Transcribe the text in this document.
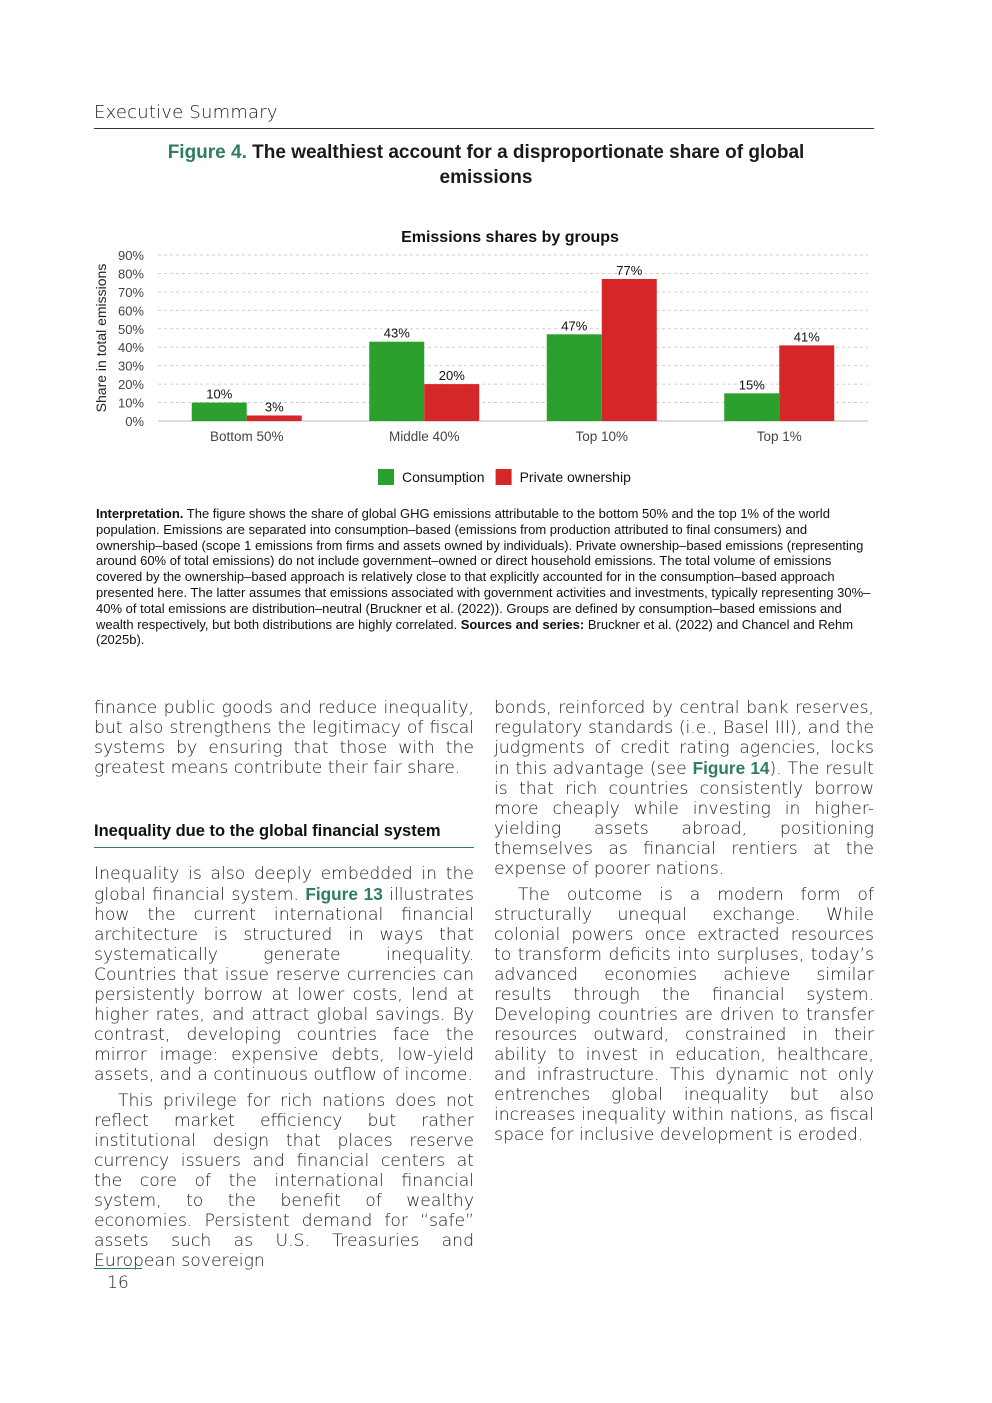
Executive Summary
Figure 4. The wealthiest account for a disproportionate share of global emissions
Emissions shares by groups
0%
10%
20%
30%
40%
50%
60%
70%
80%
90%
Share in total emissions	10%
3%
Bottom 50%
43%
20%
Middle 40%
47%
77%
Top 10%
15%
41%
Top 1%
Consumption	Private ownership
Interpretation. The figure shows the share of global GHG emissions attributable to the bottom 50% and the top 1% of the world population. Emissions are separated into consumption–based (emissions from production attributed to final consumers) and ownership–based (scope 1 emissions from firms and assets owned by individuals). Private ownership–based emissions (representing around 60% of total emissions) do not include government–owned or direct household emissions. The total volume of emissions covered by the ownership–based approach is relatively close to that explicitly accounted for in the consumption–based approach presented here. The latter assumes that emissions associated with government activities and investments, typically representing 30%–40% of total emissions are distribution–neutral (Bruckner et al. (2022)). Groups are defined by consumption–based emissions and wealth respectively, but both distributions are highly correlated. Sources and series: Bruckner et al. (2022) and Chancel and Rehm (2025b).

finance public goods and reduce inequality, but also strengthens the legitimacy of fiscal systems by ensuring that those with the greatest means contribute their fair share.

Inequality due to the global financial system

Inequality is also deeply embedded in the global financial system. Figure 13 illustrates how the current international financial architecture is structured in ways that systematically generate inequality. Countries that issue reserve currencies can persistently borrow at lower costs, lend at higher rates, and attract global savings. By contrast, developing countries face the mirror image: expensive debts, low-yield assets, and a continuous outflow of income.

This privilege for rich nations does not reflect market efficiency but rather institutional design that places reserve currency issuers and financial centers at the core of the international financial system, to the benefit of wealthy economies. Persistent demand for “safe” assets such as U.S. Treasuries and European sovereign

bonds, reinforced by central bank reserves, regulatory standards (i.e., Basel III), and the judgments of credit rating agencies, locks in this advantage (see Figure 14). The result is that rich countries consistently borrow more cheaply while investing in higher-yielding assets abroad, positioning themselves as financial rentiers at the expense of poorer nations.

The outcome is a modern form of structurally unequal exchange. While colonial powers once extracted resources to transform deficits into surpluses, today’s advanced economies achieve similar results through the financial system. Developing countries are driven to transfer resources outward, constrained in their ability to invest in education, healthcare, and infrastructure. This dynamic not only entrenches global inequality but also increases inequality within nations, as fiscal space for inclusive development is eroded.

16
